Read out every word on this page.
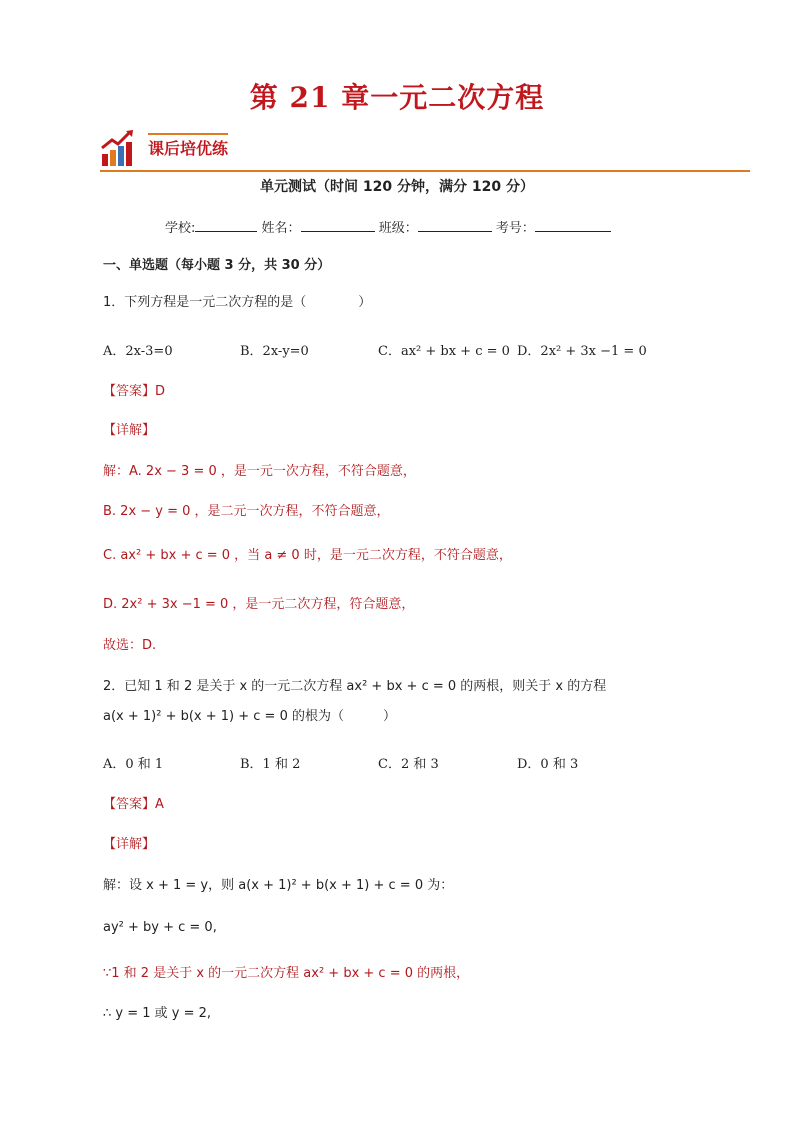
第 21 章一元二次方程
课后培优练
单元测试（时间 120 分钟，满分 120 分）
学校:	姓名：	班级：	考号：
一、单选题（每小题 3 分，共 30 分）
1．下列方程是一元二次方程的是（　　　　）
A．2x-3=0	B．2x-y=0	C．ax² + bx + c = 0 D．2x² + 3x −1 = 0
【答案】D
【详解】
解：A. 2x − 3 = 0 ，是一元一次方程，不符合题意，
B. 2x − y = 0 ，是二元一次方程，不符合题意，
C. ax² + bx + c = 0 ，当 a ≠ 0 时，是一元二次方程，不符合题意，
D. 2x² + 3x −1 = 0 ，是一元二次方程，符合题意，
故选：D.
2．已知 1 和 2 是关于 x 的一元二次方程 ax² + bx + c = 0 的两根，则关于 x 的方程
a(x + 1)² + b(x + 1) + c = 0 的根为（　　　）
A．0 和 1	B．1 和 2	C．2 和 3	D．0 和 3
【答案】A
【详解】
解：设 x + 1 = y，则 a(x + 1)² + b(x + 1) + c = 0 为：
ay² + by + c = 0,
∵1 和 2 是关于 x 的一元二次方程 ax² + bx + c = 0 的两根，
∴ y = 1 或 y = 2,
